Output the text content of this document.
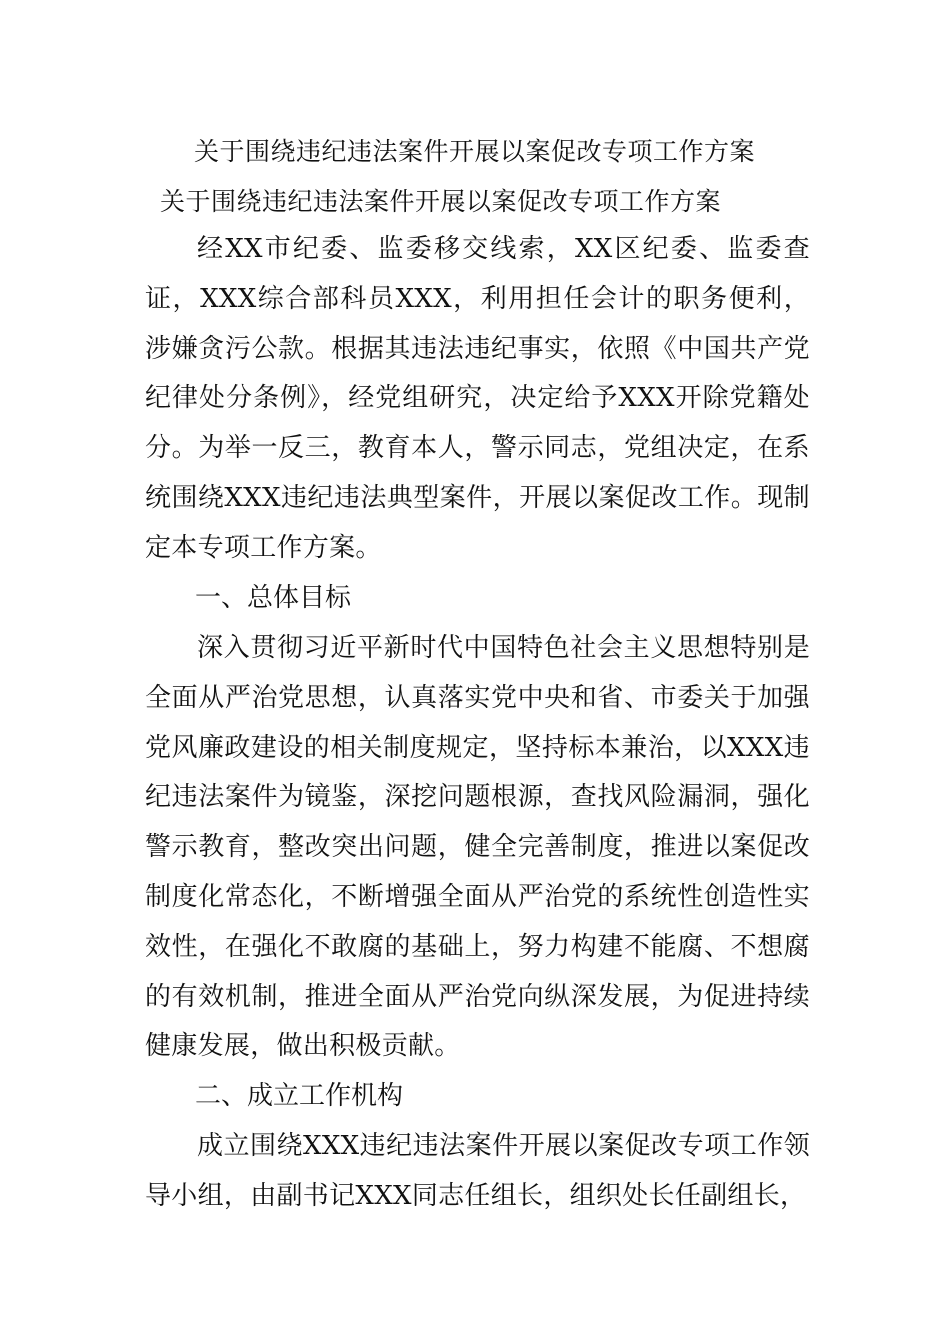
关于围绕违纪违法案件开展以案促改专项工作方案
关于围绕违纪违法案件开展以案促改专项工作方案

经XX市纪委、监委移交线索，XX区纪委、监委查证，XXX综合部科员XXX，利用担任会计的职务便利，涉嫌贪污公款。根据其违法违纪事实，依照《中国共产党纪律处分条例》，经党组研究，决定给予XXX开除党籍处分。为举一反三，教育本人，警示同志，党组决定，在系统围绕XXX违纪违法典型案件，开展以案促改工作。现制定本专项工作方案。

一、总体目标

深入贯彻习近平新时代中国特色社会主义思想特别是全面从严治党思想，认真落实党中央和省、市委关于加强党风廉政建设的相关制度规定，坚持标本兼治，以XXX违纪违法案件为镜鉴，深挖问题根源，查找风险漏洞，强化警示教育，整改突出问题，健全完善制度，推进以案促改制度化常态化，不断增强全面从严治党的系统性创造性实效性，在强化不敢腐的基础上，努力构建不能腐、不想腐的有效机制，推进全面从严治党向纵深发展，为促进持续健康发展，做出积极贡献。

二、成立工作机构

成立围绕XXX违纪违法案件开展以案促改专项工作领导小组，由副书记XXX同志任组长，组织处长任副组长，
